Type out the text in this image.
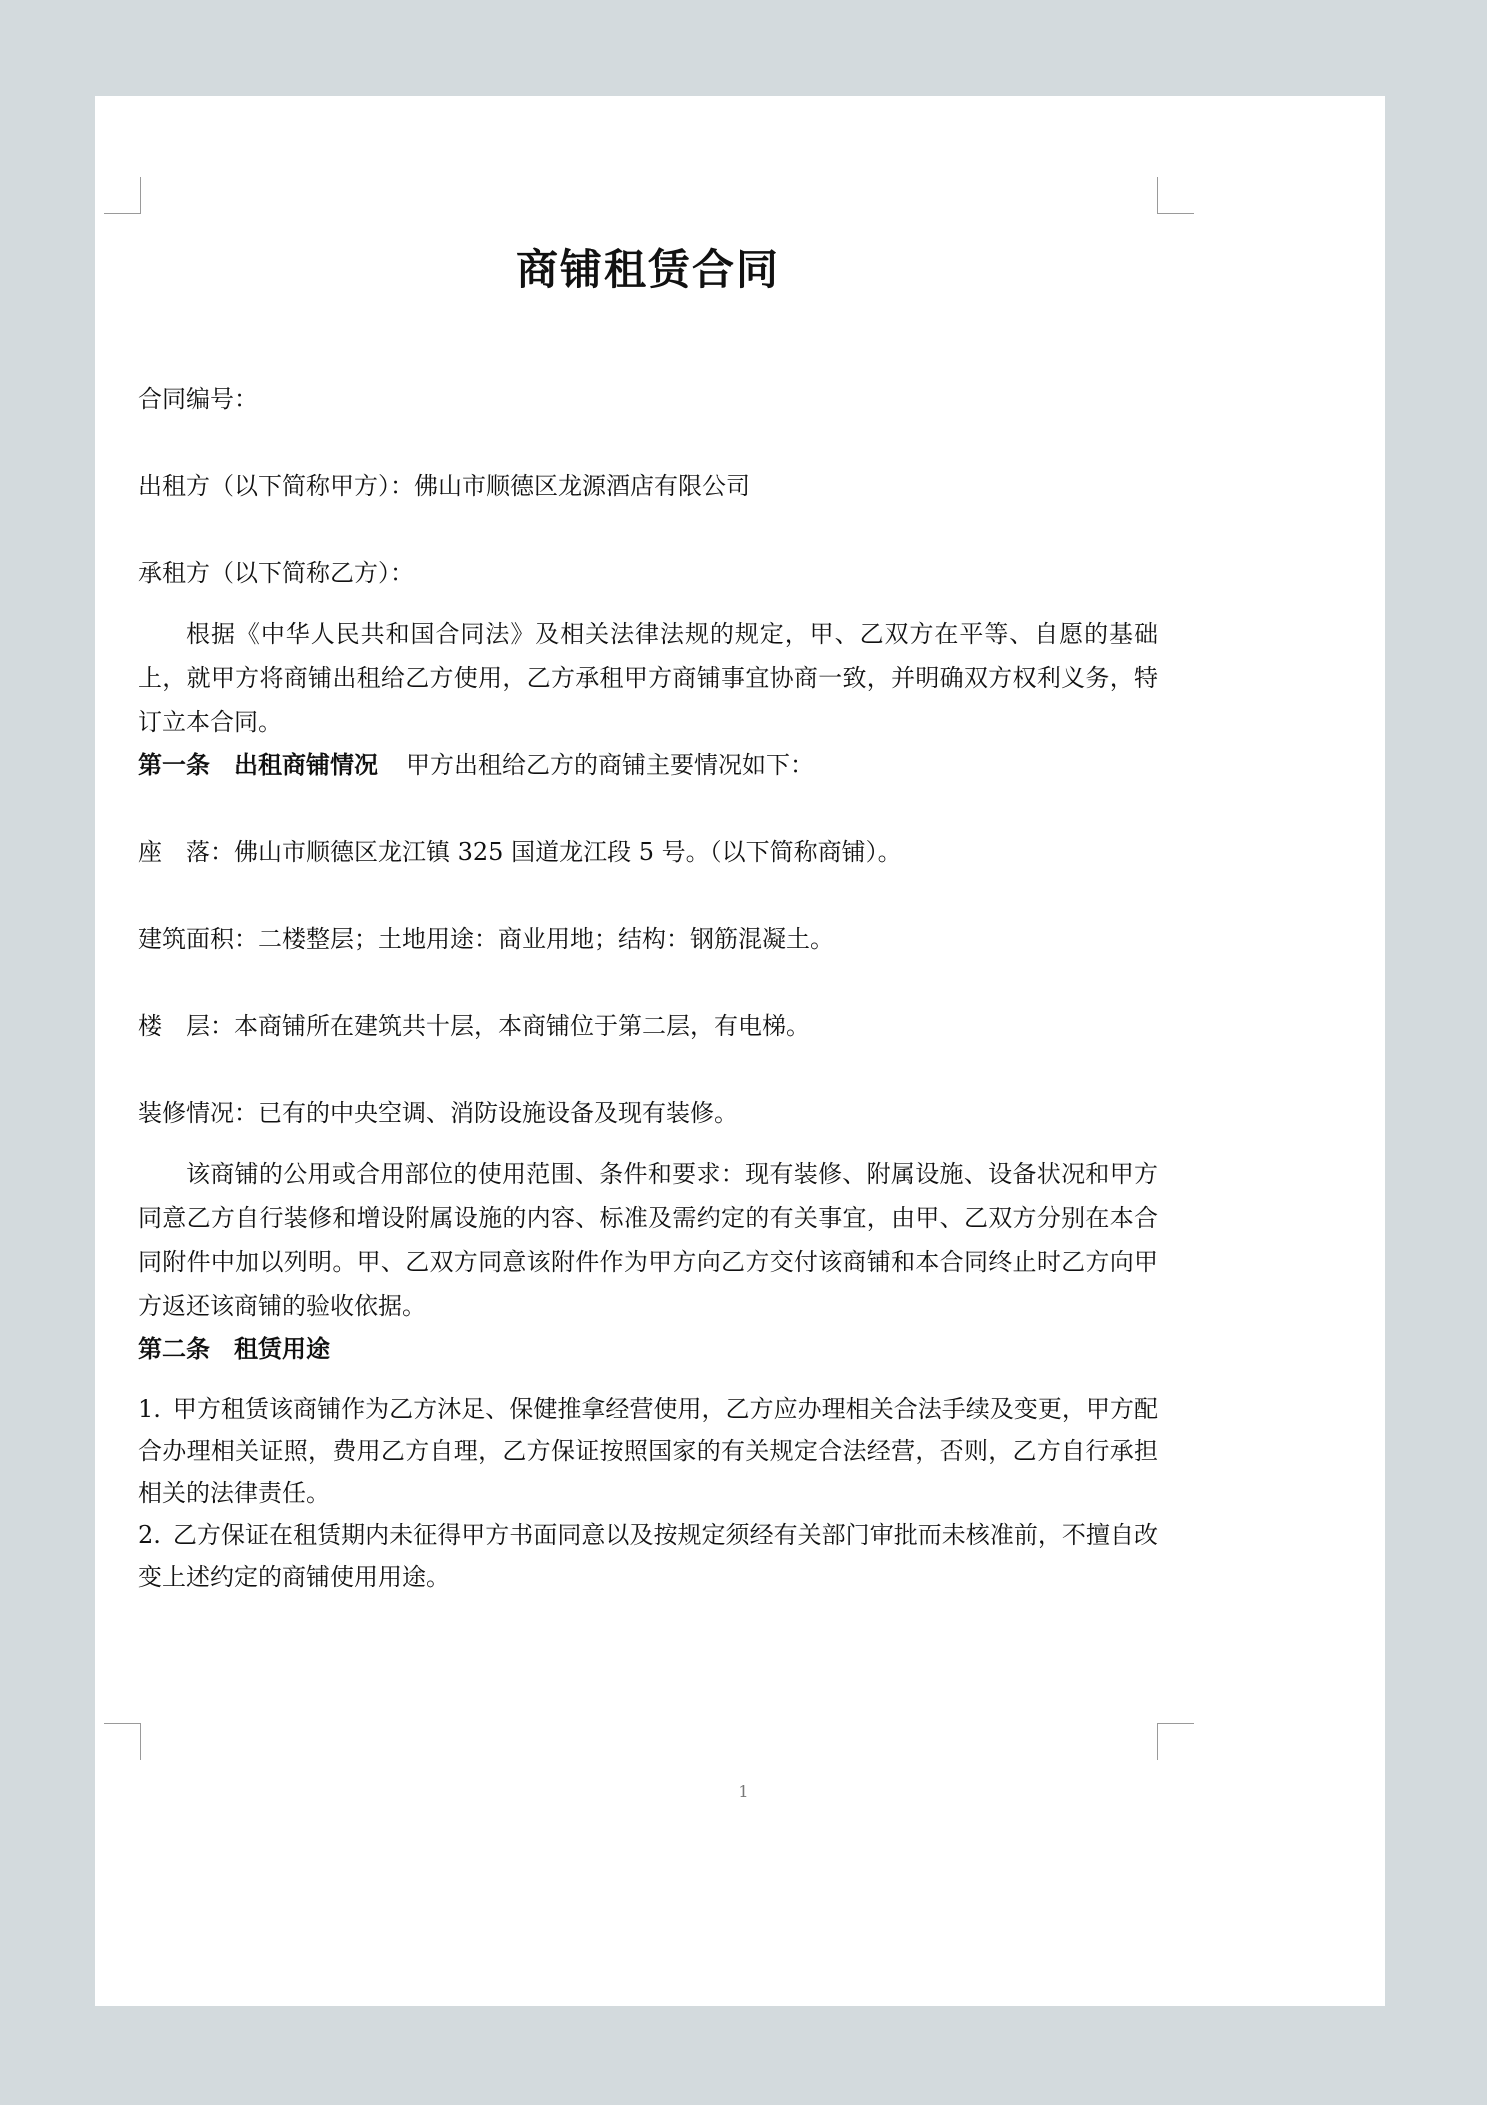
商铺租赁合同

合同编号：

出租方（以下简称甲方）：佛山市顺德区龙源酒店有限公司

承租方（以下简称乙方）：

根据《中华人民共和国合同法》及相关法律法规的规定，甲、乙双方在平等、自愿的基础上，就甲方将商铺出租给乙方使用，乙方承租甲方商铺事宜协商一致，并明确双方权利义务，特订立本合同。

第一条 出租商铺情况 甲方出租给乙方的商铺主要情况如下：

座　落：佛山市顺德区龙江镇 325 国道龙江段 5 号。（以下简称商铺）。

建筑面积：二楼整层；土地用途：商业用地；结构：钢筋混凝土。

楼　层：本商铺所在建筑共十层，本商铺位于第二层，有电梯。

装修情况：已有的中央空调、消防设施设备及现有装修。

该商铺的公用或合用部位的使用范围、条件和要求：现有装修、附属设施、设备状况和甲方同意乙方自行装修和增设附属设施的内容、标准及需约定的有关事宜，由甲、乙双方分别在本合同附件中加以列明。甲、乙双方同意该附件作为甲方向乙方交付该商铺和本合同终止时乙方向甲方返还该商铺的验收依据。

第二条 租赁用途

1. 甲方租赁该商铺作为乙方沐足、保健推拿经营使用，乙方应办理相关合法手续及变更，甲方配合办理相关证照，费用乙方自理，乙方保证按照国家的有关规定合法经营，否则，乙方自行承担相关的法律责任。

2. 乙方保证在租赁期内未征得甲方书面同意以及按规定须经有关部门审批而未核准前，不擅自改变上述约定的商铺使用用途。

1
